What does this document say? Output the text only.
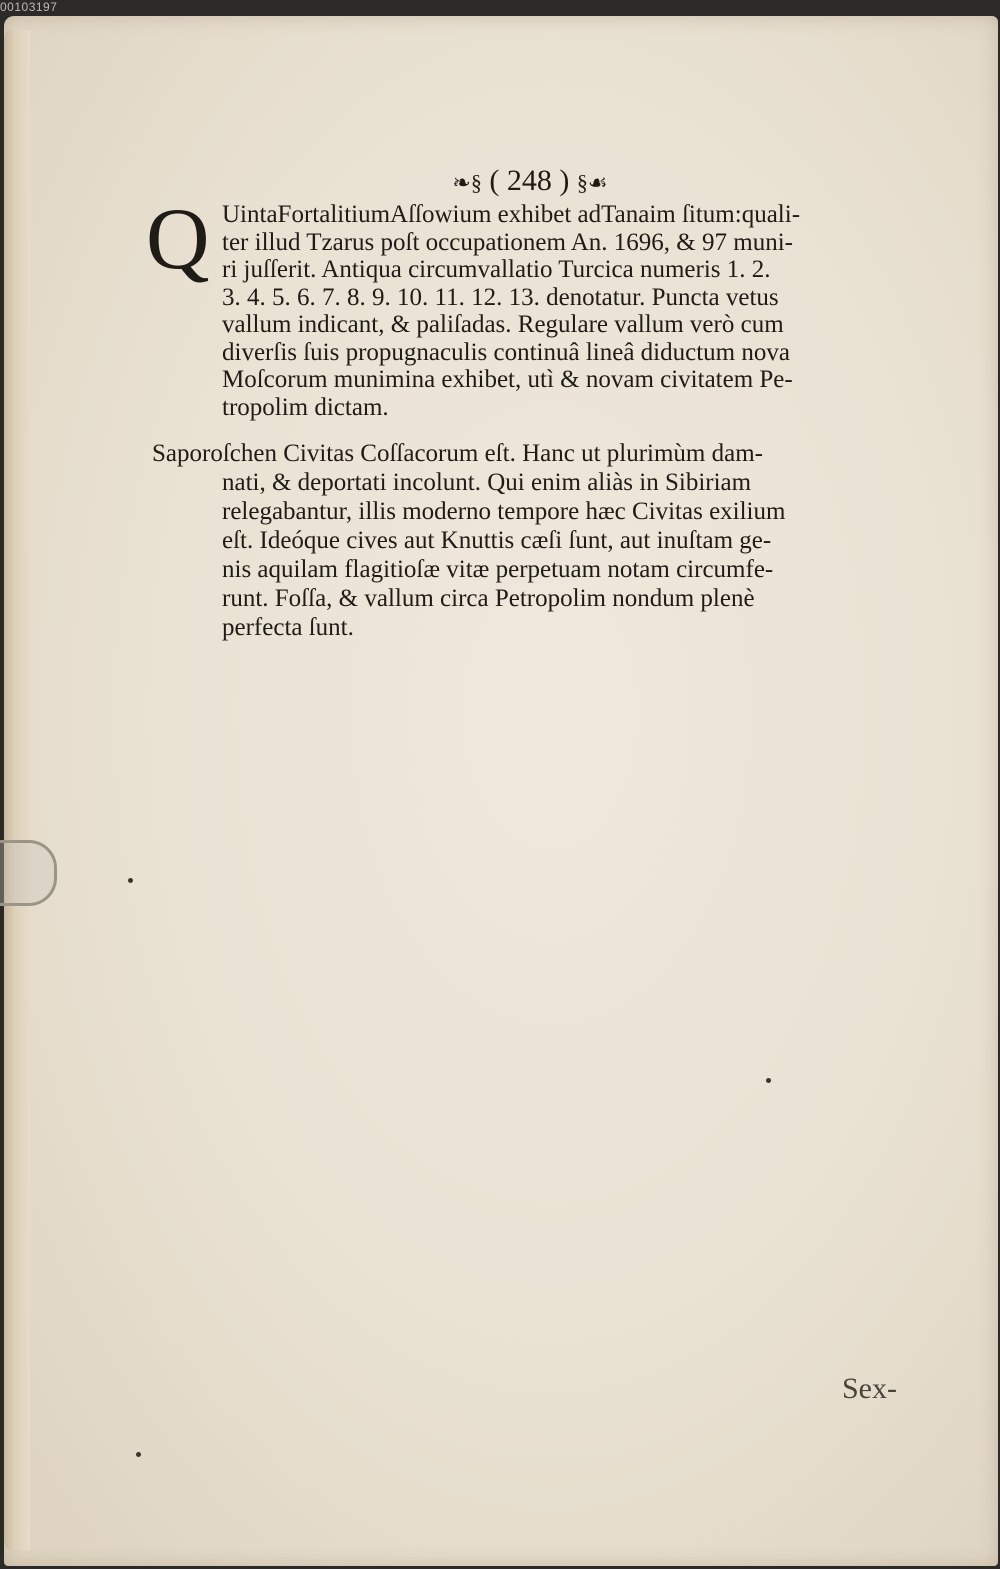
00103197
❧§ ( 248 ) §☙
Q UintaFortalitiumAſſowium exhibet adTanaim ſitum:quali-
ter illud Tzarus poſt occupationem An. 1696, & 97 muni-
ri juſſerit. Antiqua circumvallatio Turcica numeris 1. 2.
3. 4. 5. 6. 7. 8. 9. 10. 11. 12. 13. denotatur. Puncta vetus
vallum indicant, & paliſadas. Regulare vallum verò cum
diverſis ſuis propugnaculis continuâ lineâ diductum nova
Moſcorum munimina exhibet, utì & novam civitatem Pe-
tropolim dictam.
Saporoſchen Civitas Coſſacorum eſt. Hanc ut plurimùm dam-
nati, & deportati incolunt. Qui enim aliàs in Sibiriam
relegabantur, illis moderno tempore hæc Civitas exilium
eſt. Ideóque cives aut Knuttis cæſi ſunt, aut inuſtam ge-
nis aquilam flagitioſæ vitæ perpetuam notam circumfe-
runt. Foſſa, & vallum circa Petropolim nondum plenè
perfecta ſunt.
Sex-
